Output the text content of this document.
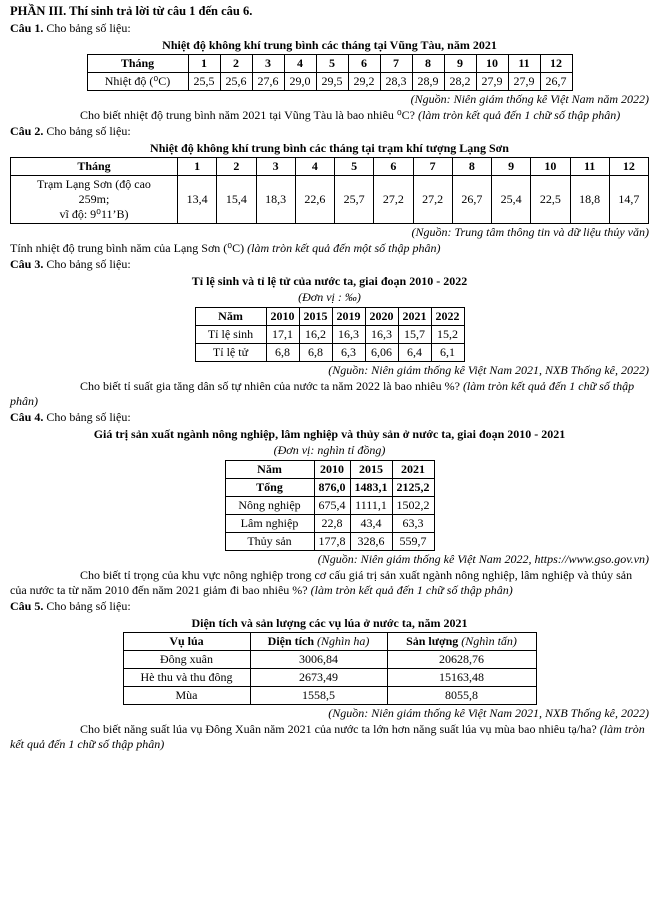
PHẦN III. Thí sinh trả lời từ câu 1 đến câu 6.
Câu 1. Cho bảng số liệu:
Nhiệt độ không khí trung bình các tháng tại Vũng Tàu, năm 2021
Tháng	1	2	3	4	5	6	7	8	9	10	11	12
Nhiệt độ (⁰C)	25,5	25,6	27,6	29,0	29,5	29,2	28,3	28,9	28,2	27,9	27,9	26,7
(Nguồn: Niên giám thống kê Việt Nam năm 2022)
Cho biết nhiệt độ trung bình năm 2021 tại Vũng Tàu là bao nhiêu ⁰C? (làm tròn kết quả đến 1 chữ số thập phân)
Câu 2. Cho bảng số liệu:
Nhiệt độ không khí trung bình các tháng tại trạm khí tượng Lạng Sơn
Tháng	1	2	3	4	5	6	7	8	9	10	11	12

Trạm Lạng Sơn (độ cao
259m;
vĩ độ: 9⁰11’B)	13,4	15,4	18,3	22,6	25,7	27,2	27,2	26,7	25,4	22,5	18,8	14,7
(Nguồn: Trung tâm thông tin và dữ liệu thủy văn)
Tính nhiệt độ trung bình năm của Lạng Sơn (⁰C) (làm tròn kết quả đến một số thập phân)
Câu 3. Cho bảng số liệu:
Tỉ lệ sinh và tỉ lệ tử của nước ta, giai đoạn 2010 - 2022
(Đơn vị : ‰)
Năm	2010	2015	2019	2020	2021	2022
Tỉ lệ sinh	17,1	16,2	16,3	16,3	15,7	15,2
Tỉ lệ tử	6,8	6,8	6,3	6,06	6,4	6,1
(Nguồn: Niên giám thống kê Việt Nam 2021, NXB Thống kê, 2022)
Cho biết tỉ suất gia tăng dân số tự nhiên của nước ta năm 2022 là bao nhiêu %? (làm tròn kết quả đến 1 chữ số thập phân)
Câu 4. Cho bảng số liệu:
Giá trị sản xuất ngành nông nghiệp, lâm nghiệp và thủy sản ở nước ta, giai đoạn 2010 - 2021
(Đơn vị: nghìn tỉ đồng)
Năm	2010	2015	2021
Tổng	876,0	1483,1	2125,2
Nông nghiệp	675,4	1111,1	1502,2
Lâm nghiệp	22,8	43,4	63,3
Thủy sản	177,8	328,6	559,7
(Nguồn: Niên giám thống kê Việt Nam 2022, https://www.gso.gov.vn)
Cho biết tỉ trọng của khu vực nông nghiệp trong cơ cấu giá trị sản xuất ngành nông nghiệp, lâm nghiệp và thủy sản của nước ta từ năm 2010 đến năm 2021 giảm đi bao nhiêu %? (làm tròn kết quả đến 1 chữ số thập phân)
Câu 5. Cho bảng số liệu:
Diện tích và sản lượng các vụ lúa ở nước ta, năm 2021
Vụ lúa	Diện tích (Nghìn ha)	Sản lượng (Nghìn tấn)
Đông xuân	3006,84	20628,76
Hè thu và thu đông	2673,49	15163,48
Mùa	1558,5	8055,8
(Nguồn: Niên giám thống kê Việt Nam 2021, NXB Thống kê, 2022)
Cho biết năng suất lúa vụ Đông Xuân năm 2021 của nước ta lớn hơn năng suất lúa vụ mùa bao nhiêu tạ/ha? (làm tròn kết quả đến 1 chữ số thập phân)
